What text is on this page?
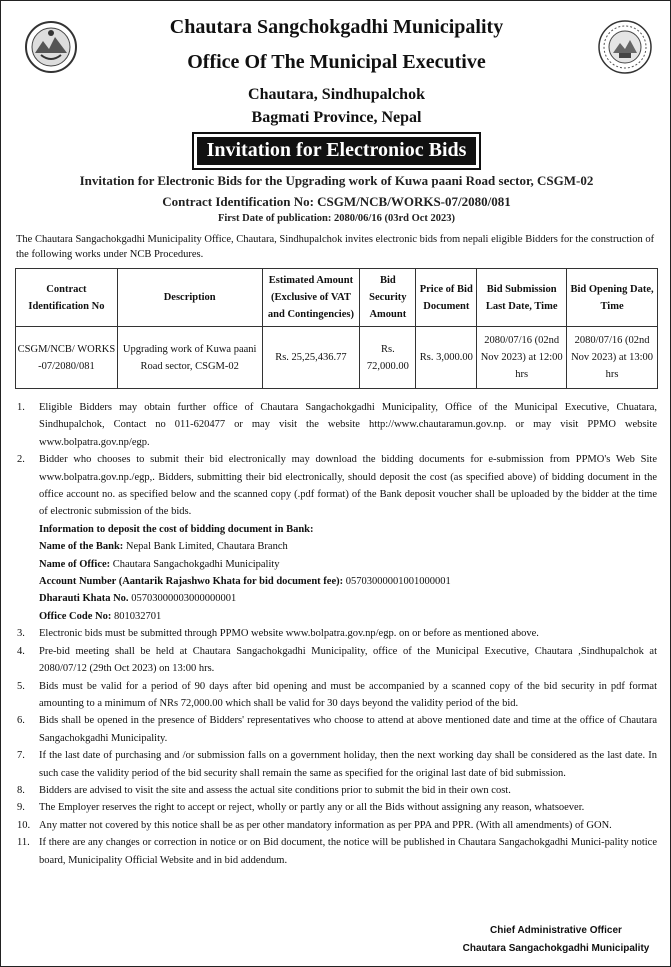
Chautara Sangchokgadhi Municipality
Office Of The Municipal Executive
Chautara, Sindhupalchok
Bagmati Province, Nepal
Invitation for Electronioc Bids
Invitation for Electronic Bids for the Upgrading work of Kuwa paani Road sector, CSGM-02
Contract Identification No: CSGM/NCB/WORKS-07/2080/081
First Date of publication: 2080/06/16 (03rd Oct 2023)
The Chautara Sangachokgadhi Municipality Office, Chautara, Sindhupalchok invites electronic bids from nepali eligible Bidders for the construction of the following works under NCB Procedures.
Contract Identification No	Description	Estimated Amount (Exclusive of VAT and Contingencies)	Bid Security Amount	Price of Bid Document	Bid Submission Last Date, Time	Bid Opening Date, Time
CSGM/NCB/ WORKS -07/2080/081	Upgrading work of Kuwa paani Road sector, CSGM-02	Rs. 25,25,436.77	Rs. 72,000.00	Rs. 3,000.00	2080/07/16 (02nd Nov 2023) at 12:00 hrs	2080/07/16 (02nd Nov 2023) at 13:00 hrs
1.	Eligible Bidders may obtain further office of Chautara Sangachokgadhi Municipality, Office of the Municipal Executive, Chuatara, Sindhupalchok, Contact no 011-620477 or may visit the website http://www.chautaramun.gov.np. or may visit PPMO website www.bolpatra.gov.np/egp.
2.	Bidder who chooses to submit their bid electronically may download the bidding documents for e-submission from PPMO's Web Site www.bolpatra.gov.np./egp,. Bidders, submitting their bid electronically, should deposit the cost (as specified above) of bidding document in the office account no. as specified below and the scanned copy (.pdf format) of the Bank deposit voucher shall be uploaded by the bidder at the time of electronic submission of the bids.
Information to deposit the cost of bidding document in Bank:
Name of the Bank: Nepal Bank Limited, Chautara Branch
Name of Office: Chautara Sangachokgadhi Municipality
Account Number (Aantarik Rajashwo Khata for bid document fee): 05703000001001000001
Dharauti Khata No. 05703000003000000001
Office Code No: 801032701
3.	Electronic bids must be submitted through PPMO website www.bolpatra.gov.np/egp. on or before as mentioned above.
4.	Pre-bid meeting shall be held at Chautara Sangachokgadhi Municipality, office of the Municipal Executive, Chautara ,Sindhupalchok at 2080/07/12 (29th Oct 2023) on 13:00 hrs.
5.	Bids must be valid for a period of 90 days after bid opening and must be accompanied by a scanned copy of the bid security in pdf format amounting to a minimum of NRs 72,000.00 which shall be valid for 30 days beyond the validity period of the bid.
6.	Bids shall be opened in the presence of Bidders' representatives who choose to attend at above mentioned date and time at the office of Chautara Sangachokgadhi Municipality.
7.	If the last date of purchasing and /or submission falls on a government holiday, then the next working day shall be considered as the last date. In such case the validity period of the bid security shall remain the same as specified for the original last date of bid submission.
8.	Bidders are advised to visit the site and assess the actual site conditions prior to submit the bid in their own cost.
9.	The Employer reserves the right to accept or reject, wholly or partly any or all the Bids without assigning any reason, whatsoever.
10. Any matter not covered by this notice shall be as per other mandatory information as per PPA and PPR. (With all amendments) of GON.
11. If there are any changes or correction in notice or on Bid document, the notice will be published in Chautara Sangachokgadhi Munici-pality notice board, Municipality Official Website and in bid addendum.
Chief Administrative Officer
Chautara Sangachokgadhi Municipality
